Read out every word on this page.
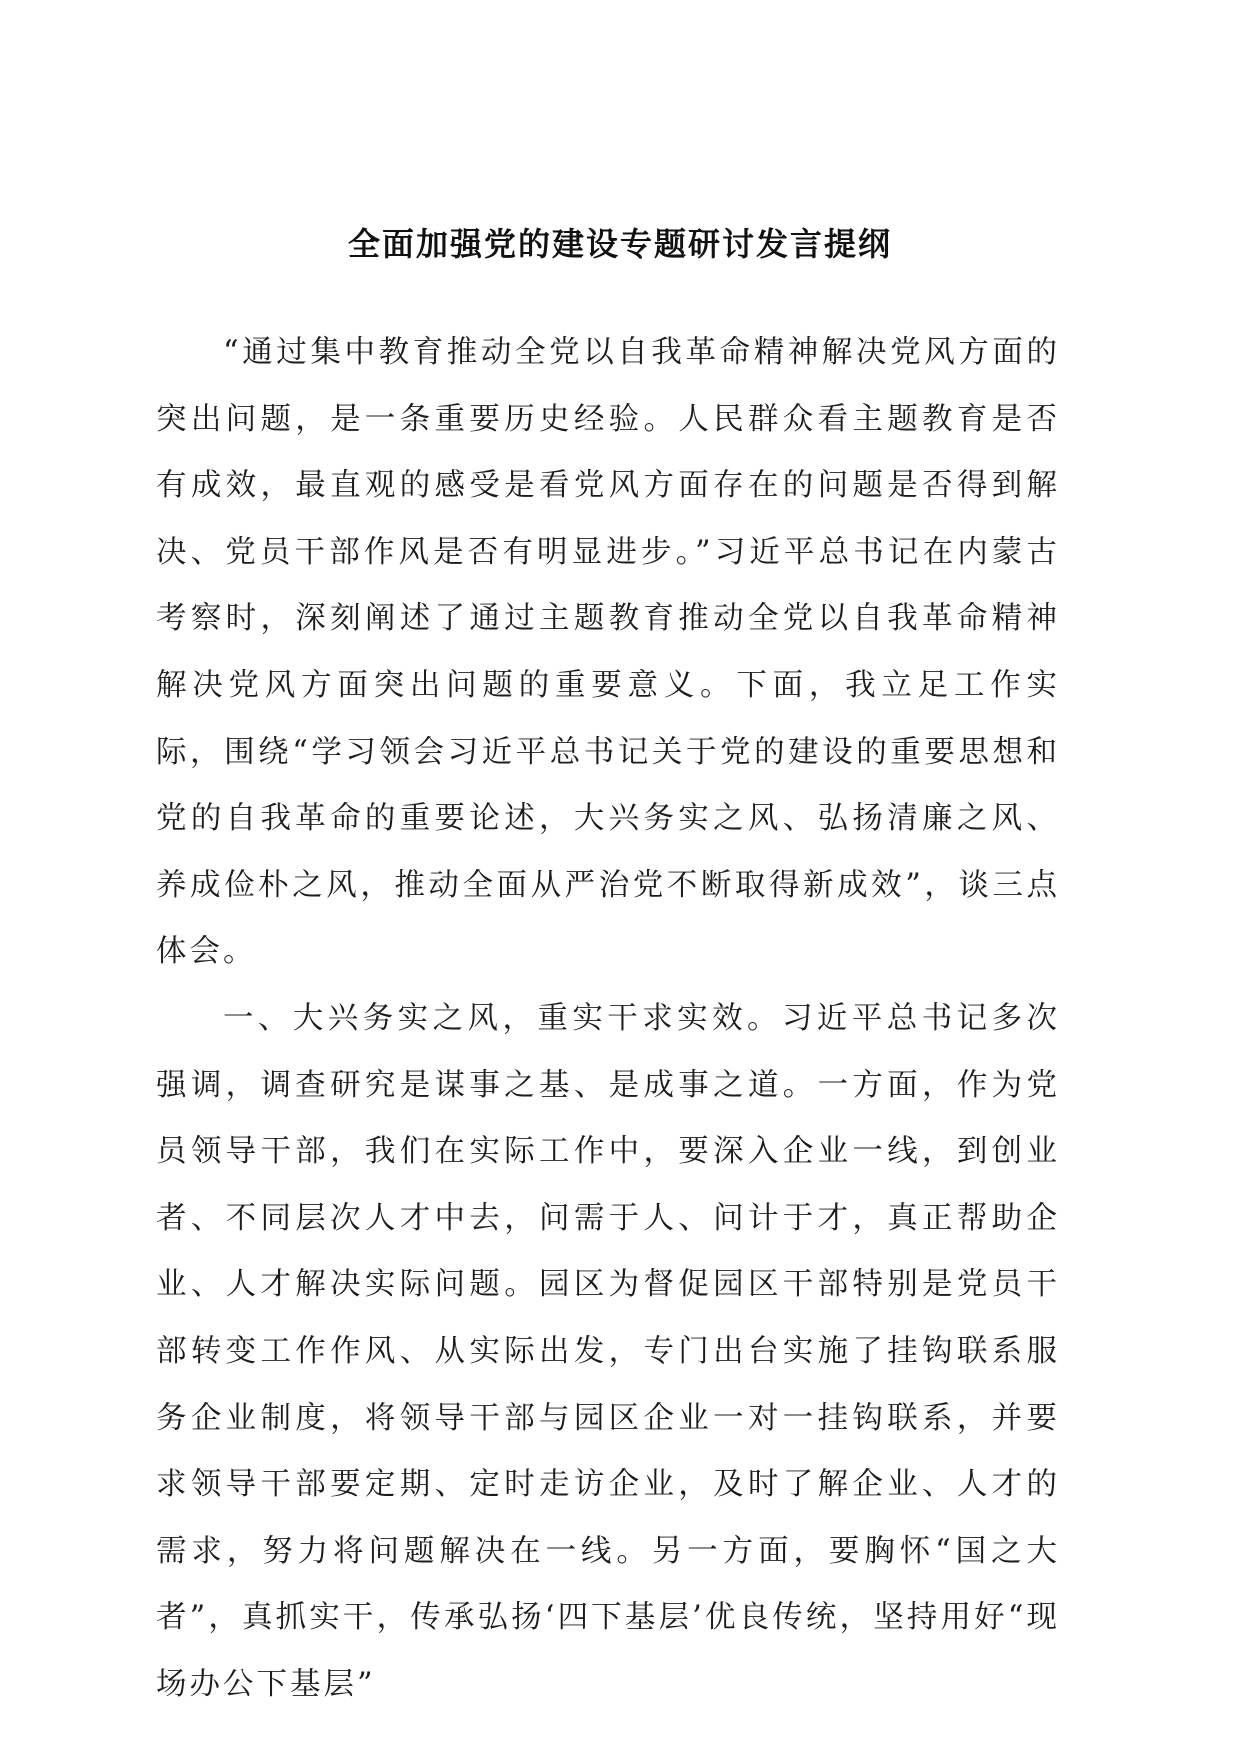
全面加强党的建设专题研讨发言提纲

“通过集中教育推动全党以自我革命精神解决党风方面的突出问题，是一条重要历史经验。人民群众看主题教育是否有成效，最直观的感受是看党风方面存在的问题是否得到解决、党员干部作风是否有明显进步。”习近平总书记在内蒙古考察时，深刻阐述了通过主题教育推动全党以自我革命精神解决党风方面突出问题的重要意义。下面，我立足工作实际，围绕“学习领会习近平总书记关于党的建设的重要思想和党的自我革命的重要论述，大兴务实之风、弘扬清廉之风、养成俭朴之风，推动全面从严治党不断取得新成效”，谈三点体会。

一、大兴务实之风，重实干求实效。习近平总书记多次强调，调查研究是谋事之基、是成事之道。一方面，作为党员领导干部，我们在实际工作中，要深入企业一线，到创业者、不同层次人才中去，问需于人、问计于才，真正帮助企业、人才解决实际问题。园区为督促园区干部特别是党员干部转变工作作风、从实际出发，专门出台实施了挂钩联系服务企业制度，将领导干部与园区企业一对一挂钩联系，并要求领导干部要定期、定时走访企业，及时了解企业、人才的需求，努力将问题解决在一线。另一方面，要胸怀“国之大者”，真抓实干，传承弘扬‘四下基层’优良传统，坚持用好“现场办公下基层”
